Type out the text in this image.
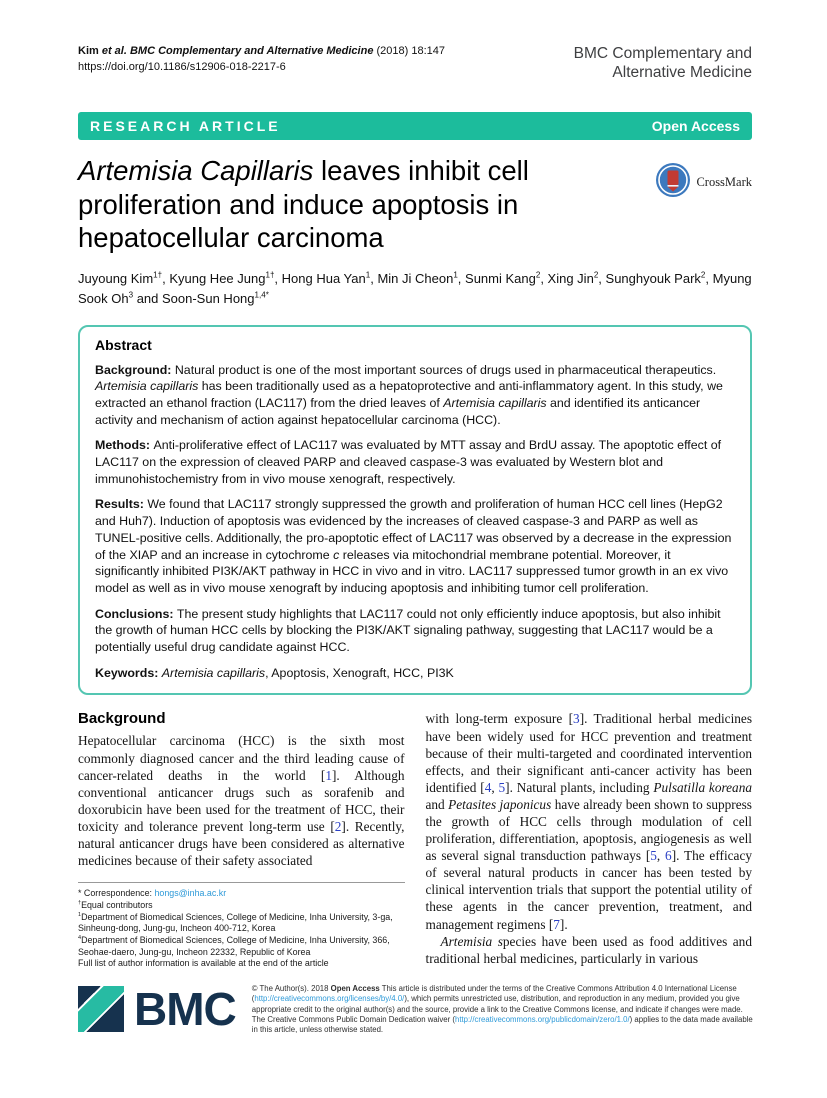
Kim et al. BMC Complementary and Alternative Medicine (2018) 18:147
https://doi.org/10.1186/s12906-018-2217-6
BMC Complementary and
Alternative Medicine
RESEARCH ARTICLE	Open Access
Artemisia Capillaris leaves inhibit cell proliferation and induce apoptosis in hepatocellular carcinoma
CrossMark

Juyoung Kim$^{1\dagger}$, Kyung Hee Jung$^{1\dagger}$, Hong Hua Yan$^1$, Min Ji Cheon$^1$, Sunmi Kang$^2$, Xing Jin$^2$, Sunghyouk Park$^2$, Myung Sook Oh$^3$ and Soon-Sun Hong$^{1,4*}$

Abstract

Background: Natural product is one of the most important sources of drugs used in pharmaceutical therapeutics. Artemisia capillaris has been traditionally used as a hepatoprotective and anti-inflammatory agent. In this study, we extracted an ethanol fraction (LAC117) from the dried leaves of Artemisia capillaris and identified its anticancer activity and mechanism of action against hepatocellular carcinoma (HCC).

Methods: Anti-proliferative effect of LAC117 was evaluated by MTT assay and BrdU assay. The apoptotic effect of LAC117 on the expression of cleaved PARP and cleaved caspase-3 was evaluated by Western blot and immunohistochemistry from in vivo mouse xenograft, respectively.

Results: We found that LAC117 strongly suppressed the growth and proliferation of human HCC cell lines (HepG2 and Huh7). Induction of apoptosis was evidenced by the increases of cleaved caspase-3 and PARP as well as TUNEL-positive cells. Additionally, the pro-apoptotic effect of LAC117 was observed by a decrease in the expression of the XIAP and an increase in cytochrome c releases via mitochondrial membrane potential. Moreover, it significantly inhibited PI3K/AKT pathway in HCC in vivo and in vitro. LAC117 suppressed tumor growth in an ex vivo model as well as in vivo mouse xenograft by inducing apoptosis and inhibiting tumor cell proliferation.

Conclusions: The present study highlights that LAC117 could not only efficiently induce apoptosis, but also inhibit the growth of human HCC cells by blocking the PI3K/AKT signaling pathway, suggesting that LAC117 would be a potentially useful drug candidate against HCC.

Keywords: Artemisia capillaris, Apoptosis, Xenograft, HCC, PI3K

Background

Hepatocellular carcinoma (HCC) is the sixth most commonly diagnosed cancer and the third leading cause of cancer-related deaths in the world [1]. Although conventional anticancer drugs such as sorafenib and doxorubicin have been used for the treatment of HCC, their toxicity and tolerance prevent long-term use [2]. Recently, natural anticancer drugs have been considered as alternative medicines because of their safety associated

* Correspondence: hongs@inha.ac.kr
†Equal contributors
$^1$Department of Biomedical Sciences, College of Medicine, Inha University, 3-ga, Sinheung-dong, Jung-gu, Incheon 400-712, Korea
$^4$Department of Biomedical Sciences, College of Medicine, Inha University, 366, Seohae-daero, Jung-gu, Incheon 22332, Republic of Korea
Full list of author information is available at the end of the article

with long-term exposure [3]. Traditional herbal medicines have been widely used for HCC prevention and treatment because of their multi-targeted and coordinated intervention effects, and their significant anti-cancer activity has been identified [4, 5]. Natural plants, including Pulsatilla koreana and Petasites japonicus have already been shown to suppress the growth of HCC cells through modulation of cell proliferation, differentiation, apoptosis, angiogenesis as well as several signal transduction pathways [5, 6]. The efficacy of several natural products in cancer has been tested by clinical intervention trials that support the potential utility of these agents in the cancer prevention, treatment, and management regimens [7].

Artemisia species have been used as food additives and traditional herbal medicines, particularly in various

BMC © The Author(s). 2018 Open Access This article is distributed under the terms of the Creative Commons Attribution 4.0 International License (http://creativecommons.org/licenses/by/4.0/), which permits unrestricted use, distribution, and reproduction in any medium, provided you give appropriate credit to the original author(s) and the source, provide a link to the Creative Commons license, and indicate if changes were made. The Creative Commons Public Domain Dedication waiver (http://creativecommons.org/publicdomain/zero/1.0/) applies to the data made available in this article, unless otherwise stated.
